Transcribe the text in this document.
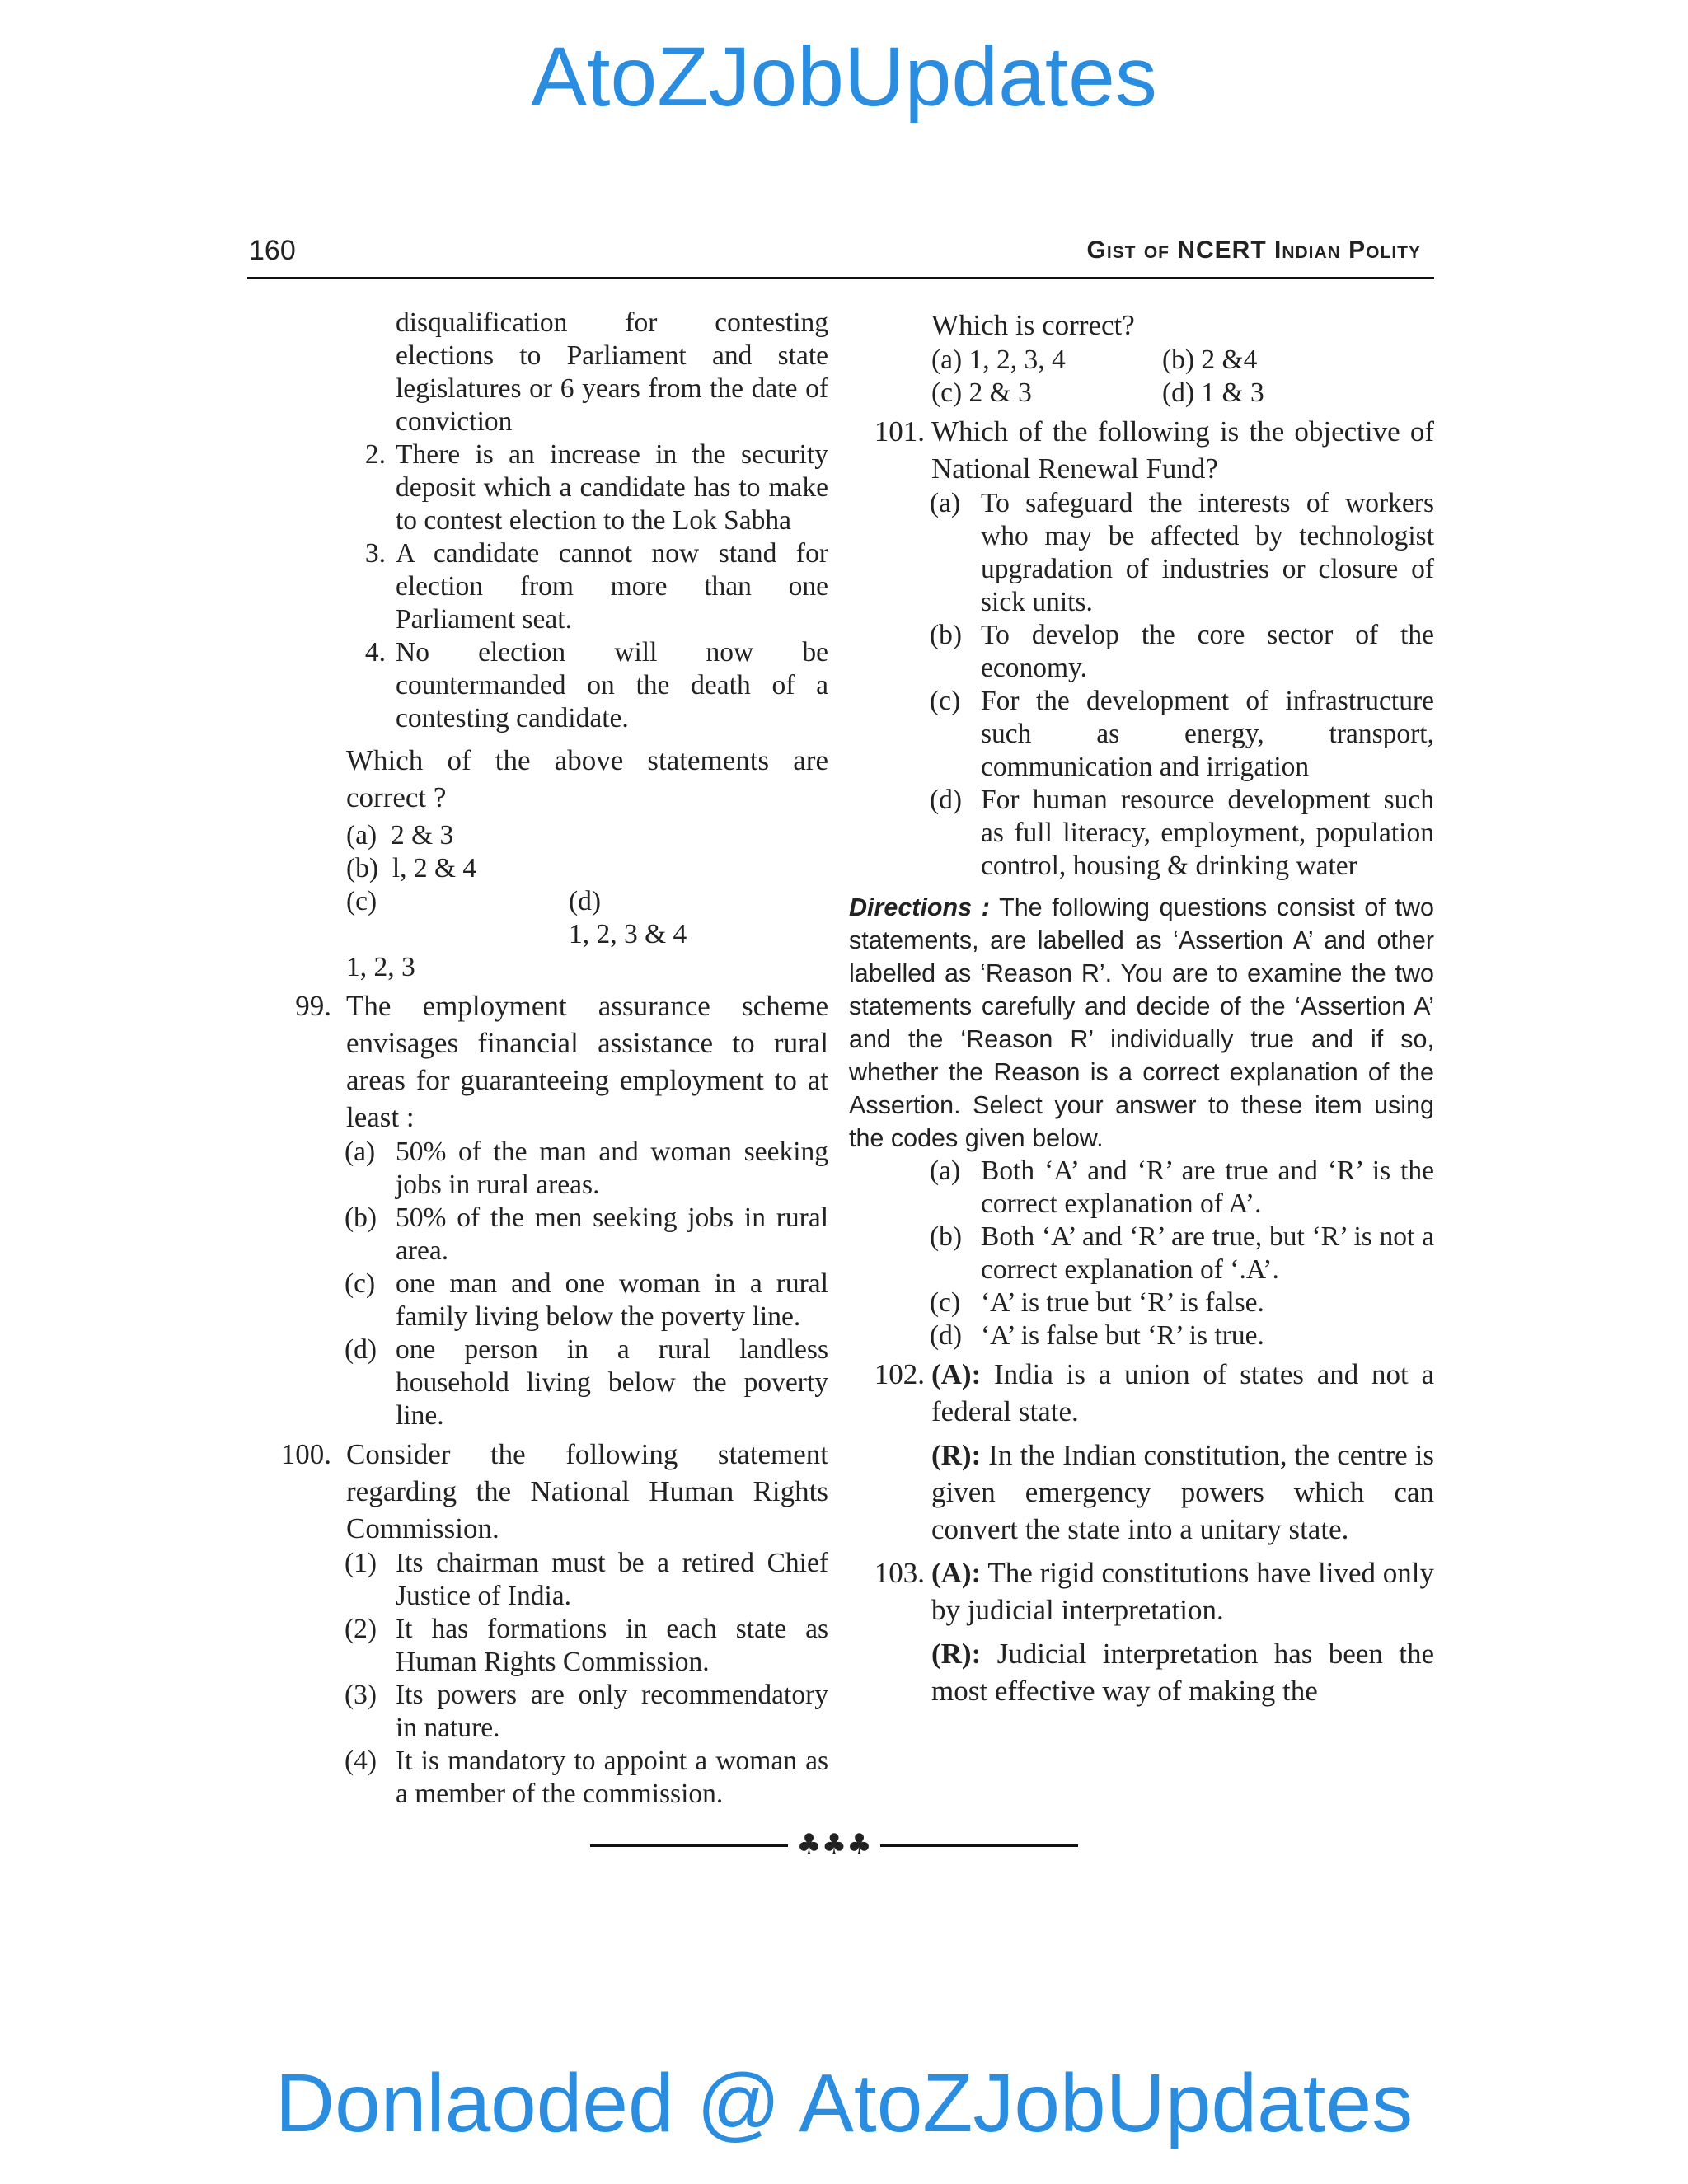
AtoZJobUpdates
160	Gist of NCERT Indian Polity

disqualification for contesting elections to Parliament and state legislatures or 6 years from the date of conviction

2. There is an increase in the security deposit which a candidate has to make to contest election to the Lok Sabha
3. A candidate cannot now stand for election from more than one Parliament seat.
4. No election will now be countermanded on the death of a contesting candidate.

Which of the above statements are correct ?

(a) 2 & 3
(b) l, 2 & 4
(c)

1, 2, 3
(d)
1, 2, 3 & 4
99. The employment assurance scheme envisages financial assistance to rural areas for guaranteeing employment to at least :
(a) 50% of the man and woman seeking jobs in rural areas.
(b) 50% of the men seeking jobs in rural area.
(c) one man and one woman in a rural family living below the poverty line.
(d) one person in a rural landless household living below the poverty line.
100. Consider the following statement regarding the National Human Rights Commission.
(1) Its chairman must be a retired Chief Justice of India.
(2) It has formations in each state as Human Rights Commission.
(3) Its powers are only recommendatory in nature.
(4) It is mandatory to appoint a woman as a member of the commission.

Which is correct?

(a) 1, 2, 3, 4	(b) 2 &4
(c) 2 & 3	(d) 1 & 3
101. Which of the following is the objective of National Renewal Fund?
(a) To safeguard the interests of workers who may be affected by technologist upgradation of industries or closure of sick units.
(b) To develop the core sector of the economy.
(c) For the development of infrastructure such as energy, transport, communication and irrigation
(d) For human resource development such as full literacy, employment, population control, housing & drinking water

Directions : The following questions consist of two statements, are labelled as ‘Assertion A’ and other labelled as ‘Reason R’. You are to examine the two statements carefully and decide of the ‘Assertion A’ and the ‘Reason R’ individually true and if so, whether the Reason is a correct explanation of the Assertion. Select your answer to these item using the codes given below.

(a) Both ‘A’ and ‘R’ are true and ‘R’ is the correct explanation of A’.
(b) Both ‘A’ and ‘R’ are true, but ‘R’ is not a correct explanation of ‘.A’.
(c) ‘A’ is true but ‘R’ is false.
(d) ‘A’ is false but ‘R’ is true.
102. (A): India is a union of states and not a federal state.
(R): In the Indian constitution, the centre is given emergency powers which can convert the state into a unitary state.
103. (A): The rigid constitutions have lived only by judicial interpretation.
(R): Judicial interpretation has been the most effective way of making the
♣♣♣
Donlaoded @ AtoZJobUpdates
